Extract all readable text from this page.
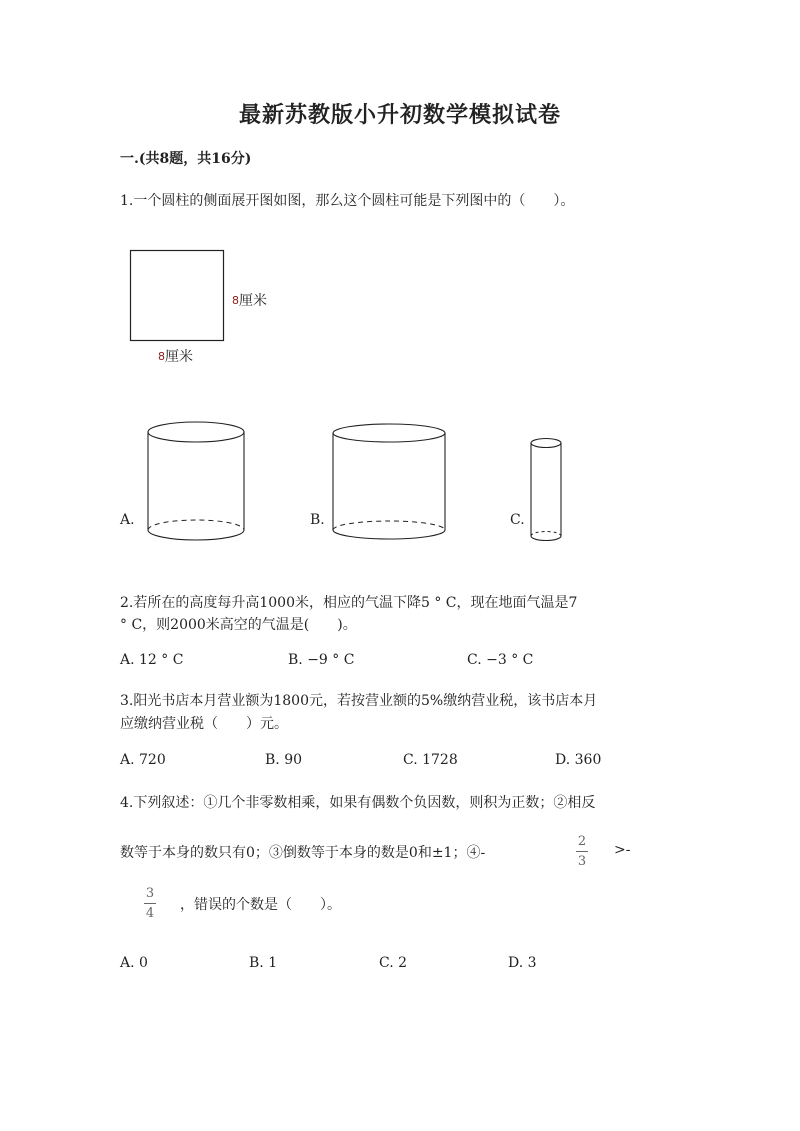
最新苏教版小升初数学模拟试卷
一.(共8题，共16分)
1.一个圆柱的侧面展开图如图，那么这个圆柱可能是下列图中的（　　）。
8厘米
8厘米
A.	B.	C.
2.若所在的高度每升高1000米，相应的气温下降5 ° C，现在地面气温是7
° C，则2000米高空的气温是(　　)。
A. 12 ° C	B. −9 ° C	C. −3 ° C
3.阳光书店本月营业额为1800元，若按营业额的5%缴纳营业税，该书店本月
应缴纳营业税（　　）元。
A. 720	B. 90	C. 1728	D. 360
4.下列叙述：①几个非零数相乘，如果有偶数个负因数，则积为正数；②相反
数等于本身的数只有0；③倒数等于本身的数是0和±1；④-
2
3
>-
3
4
，错误的个数是（　　）。
A. 0	B. 1	C. 2	D. 3
